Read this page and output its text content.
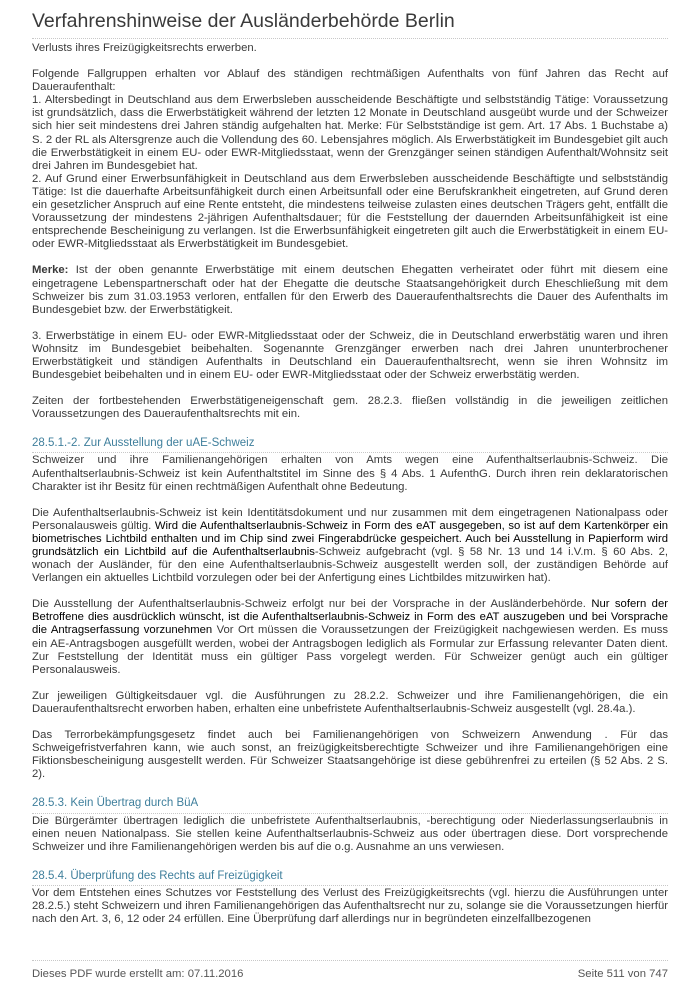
Verfahrenshinweise der Ausländerbehörde Berlin

Verlusts ihres Freizügigkeitsrechts erwerben.

Folgende Fallgruppen erhalten vor Ablauf des ständigen rechtmäßigen Aufenthalts von fünf Jahren das Recht auf Daueraufenthalt:

1. Altersbedingt in Deutschland aus dem Erwerbsleben ausscheidende Beschäftigte und selbstständig Tätige: Voraussetzung ist grundsätzlich, dass die Erwerbstätigkeit während der letzten 12 Monate in Deutschland ausgeübt wurde und der Schweizer sich hier seit mindestens drei Jahren ständig aufgehalten hat. Merke: Für Selbstständige ist gem. Art. 17 Abs. 1 Buchstabe a) S. 2 der RL als Altersgrenze auch die Vollendung des 60. Lebensjahres möglich. Als Erwerbstätigkeit im Bundesgebiet gilt auch die Erwerbstätigkeit in einem EU- oder EWR-Mitgliedsstaat, wenn der Grenzgänger seinen ständigen Aufenthalt/Wohnsitz seit drei Jahren im Bundesgebiet hat.

2. Auf Grund einer Erwerbsunfähigkeit in Deutschland aus dem Erwerbsleben ausscheidende Beschäftigte und selbstständig Tätige: Ist die dauerhafte Arbeitsunfähigkeit durch einen Arbeitsunfall oder eine Berufskrankheit eingetreten, auf Grund deren ein gesetzlicher Anspruch auf eine Rente entsteht, die mindestens teilweise zulasten eines deutschen Trägers geht, entfällt die Voraussetzung der mindestens 2-jährigen Aufenthaltsdauer; für die Feststellung der dauernden Arbeitsunfähigkeit ist eine entsprechende Bescheinigung zu verlangen. Ist die Erwerbsunfähigkeit eingetreten gilt auch die Erwerbstätigkeit in einem EU- oder EWR-Mitgliedsstaat als Erwerbstätigkeit im Bundesgebiet.

Merke: Ist der oben genannte Erwerbstätige mit einem deutschen Ehegatten verheiratet oder führt mit diesem eine eingetragene Lebenspartnerschaft oder hat der Ehegatte die deutsche Staatsangehörigkeit durch Eheschließung mit dem Schweizer bis zum 31.03.1953 verloren, entfallen für den Erwerb des Daueraufenthaltsrechts die Dauer des Aufenthalts im Bundesgebiet bzw. der Erwerbstätigkeit.

3. Erwerbstätige in einem EU- oder EWR-Mitgliedsstaat oder der Schweiz, die in Deutschland erwerbstätig waren und ihren Wohnsitz im Bundesgebiet beibehalten. Sogenannte Grenzgänger erwerben nach drei Jahren ununterbrochener Erwerbstätigkeit und ständigen Aufenthalts in Deutschland ein Daueraufenthaltsrecht, wenn sie ihren Wohnsitz im Bundesgebiet beibehalten und in einem EU- oder EWR-Mitgliedsstaat oder der Schweiz erwerbstätig werden.

Zeiten der fortbestehenden Erwerbstätigeneigenschaft gem. 28.2.3. fließen vollständig in die jeweiligen zeitlichen Voraussetzungen des Daueraufenthaltsrechts mit ein.

28.5.1.-2. Zur Ausstellung der uAE-Schweiz

Schweizer und ihre Familienangehörigen erhalten von Amts wegen eine Aufenthaltserlaubnis-Schweiz. Die Aufenthaltserlaubnis-Schweiz ist kein Aufenthaltstitel im Sinne des § 4 Abs. 1 AufenthG. Durch ihren rein deklaratorischen Charakter ist ihr Besitz für einen rechtmäßigen Aufenthalt ohne Bedeutung.

Die Aufenthaltserlaubnis-Schweiz ist kein Identitätsdokument und nur zusammen mit dem eingetragenen Nationalpass oder Personalausweis gültig. Wird die Aufenthaltserlaubnis-Schweiz in Form des eAT ausgegeben, so ist auf dem Kartenkörper ein biometrisches Lichtbild enthalten und im Chip sind zwei Fingerabdrücke gespeichert. Auch bei Ausstellung in Papierform wird grundsätzlich ein Lichtbild auf die Aufenthaltserlaubnis-Schweiz aufgebracht (vgl. § 58 Nr. 13 und 14 i.V.m. § 60 Abs. 2, wonach der Ausländer, für den eine Aufenthaltserlaubnis-Schweiz ausgestellt werden soll, der zuständigen Behörde auf Verlangen ein aktuelles Lichtbild vorzulegen oder bei der Anfertigung eines Lichtbildes mitzuwirken hat).

Die Ausstellung der Aufenthaltserlaubnis-Schweiz erfolgt nur bei der Vorsprache in der Ausländerbehörde. Nur sofern der Betroffene dies ausdrücklich wünscht, ist die Aufenthaltserlaubnis-Schweiz in Form des eAT auszugeben und bei Vorsprache die Antragserfassung vorzunehmen Vor Ort müssen die Voraussetzungen der Freizügigkeit nachgewiesen werden. Es muss ein AE-Antragsbogen ausgefüllt werden, wobei der Antragsbogen lediglich als Formular zur Erfassung relevanter Daten dient. Zur Feststellung der Identität muss ein gültiger Pass vorgelegt werden. Für Schweizer genügt auch ein gültiger Personalausweis.

Zur jeweiligen Gültigkeitsdauer vgl. die Ausführungen zu 28.2.2. Schweizer und ihre Familienangehörigen, die ein Daueraufenthaltsrecht erworben haben, erhalten eine unbefristete Aufenthaltserlaubnis-Schweiz ausgestellt (vgl. 28.4a.).

Das Terrorbekämpfungsgesetz findet auch bei Familienangehörigen von Schweizern Anwendung . Für das Schweigefristverfahren kann, wie auch sonst, an freizügigkeitsberechtigte Schweizer und ihre Familienangehörigen eine Fiktionsbescheinigung ausgestellt werden. Für Schweizer Staatsangehörige ist diese gebührenfrei zu erteilen (§ 52 Abs. 2 S. 2).

28.5.3. Kein Übertrag durch BüA

Die Bürgerämter übertragen lediglich die unbefristete Aufenthaltserlaubnis, -berechtigung oder Niederlassungserlaubnis in einen neuen Nationalpass. Sie stellen keine Aufenthaltserlaubnis-Schweiz aus oder übertragen diese. Dort vorsprechende Schweizer und ihre Familienangehörigen werden bis auf die o.g. Ausnahme an uns verwiesen.

28.5.4. Überprüfung des Rechts auf Freizügigkeit

Vor dem Entstehen eines Schutzes vor Feststellung des Verlust des Freizügigkeitsrechts (vgl. hierzu die Ausführungen unter 28.2.5.) steht Schweizern und ihren Familienangehörigen das Aufenthaltsrecht nur zu, solange sie die Voraussetzungen hierfür nach den Art. 3, 6, 12 oder 24 erfüllen. Eine Überprüfung darf allerdings nur in begründeten einzelfallbezogenen

Dieses PDF wurde erstellt am: 07.11.2016	Seite 511 von 747
